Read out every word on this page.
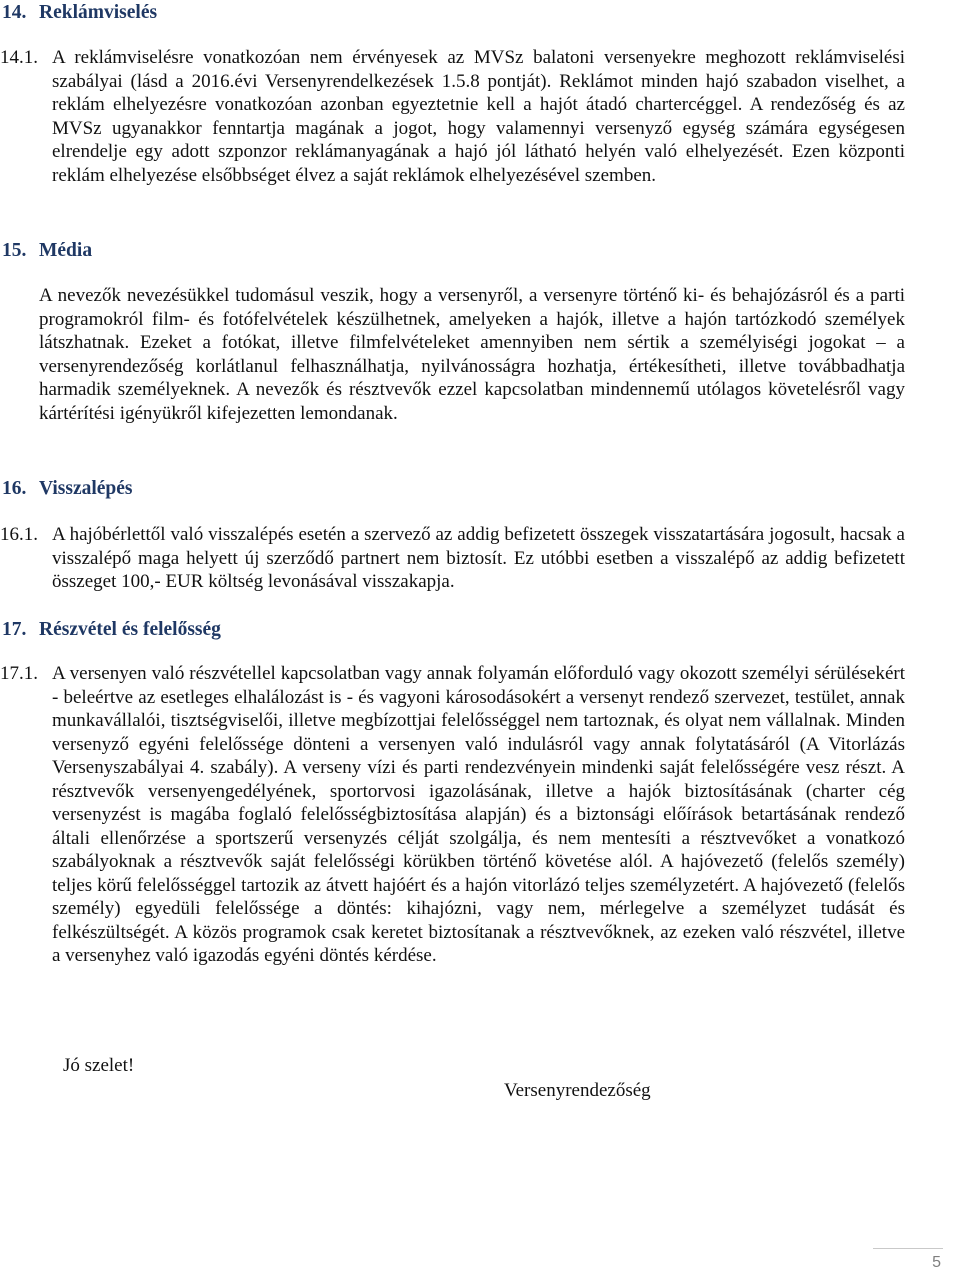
14. Reklámviselés
14.1. A reklámviselésre vonatkozóan nem érvényesek az MVSz balatoni versenyekre meghozott reklámviselési szabályai (lásd a 2016.évi Versenyrendelkezések 1.5.8 pontját). Reklámot minden hajó szabadon viselhet, a reklám elhelyezésre vonatkozóan azonban egyeztetnie kell a hajót átadó chartercéggel. A rendezőség és az MVSz ugyanakkor fenntartja magának a jogot, hogy valamennyi versenyző egység számára egységesen elrendelje egy adott szponzor reklámanyagának a hajó jól látható helyén való elhelyezését. Ezen központi reklám elhelyezése elsőbbséget élvez a saját reklámok elhelyezésével szemben.
15. Média
A nevezők nevezésükkel tudomásul veszik, hogy a versenyről, a versenyre történő ki- és behajózásról és a parti programokról film- és fotófelvételek készülhetnek, amelyeken a hajók, illetve a hajón tartózkodó személyek látszhatnak. Ezeket a fotókat, illetve filmfelvételeket amennyiben nem sértik a személyiségi jogokat – a versenyrendezőség korlátlanul felhasználhatja, nyilvánosságra hozhatja, értékesítheti, illetve továbbadhatja harmadik személyeknek. A nevezők és résztvevők ezzel kapcsolatban mindennemű utólagos követelésről vagy kártérítési igényükről kifejezetten lemondanak.
16. Visszalépés
16.1. A hajóbérlettől való visszalépés esetén a szervező az addig befizetett összegek visszatartására jogosult, hacsak a visszalépő maga helyett új szerződő partnert nem biztosít. Ez utóbbi esetben a visszalépő az addig befizetett összeget 100,- EUR költség levonásával visszakapja.
17. Részvétel és felelősség
17.1. A versenyen való részvétellel kapcsolatban vagy annak folyamán előforduló vagy okozott személyi sérülésekért - beleértve az esetleges elhalálozást is - és vagyoni károsodásokért a versenyt rendező szervezet, testület, annak munkavállalói, tisztségviselői, illetve megbízottjai felelősséggel nem tartoznak, és olyat nem vállalnak. Minden versenyző egyéni felelőssége dönteni a versenyen való indulásról vagy annak folytatásáról (A Vitorlázás Versenyszabályai 4. szabály). A verseny vízi és parti rendezvényein mindenki saját felelősségére vesz részt. A résztvevők versenyengedélyének, sportorvosi igazolásának, illetve a hajók biztosításának (charter cég versenyzést is magába foglaló felelősségbiztosítása alapján) és a biztonsági előírások betartásának rendező általi ellenőrzése a sportszerű versenyzés célját szolgálja, és nem mentesíti a résztvevőket a vonatkozó szabályoknak a résztvevők saját felelősségi körükben történő követése alól. A hajóvezető (felelős személy) teljes körű felelősséggel tartozik az átvett hajóért és a hajón vitorlázó teljes személyzetért. A hajóvezető (felelős személy) egyedüli felelőssége a döntés: kihajózni, vagy nem, mérlegelve a személyzet tudását és felkészültségét. A közös programok csak keretet biztosítanak a résztvevőknek, az ezeken való részvétel, illetve a versenyhez való igazodás egyéni döntés kérdése.
Jó szelet!
Versenyrendezőség
5
